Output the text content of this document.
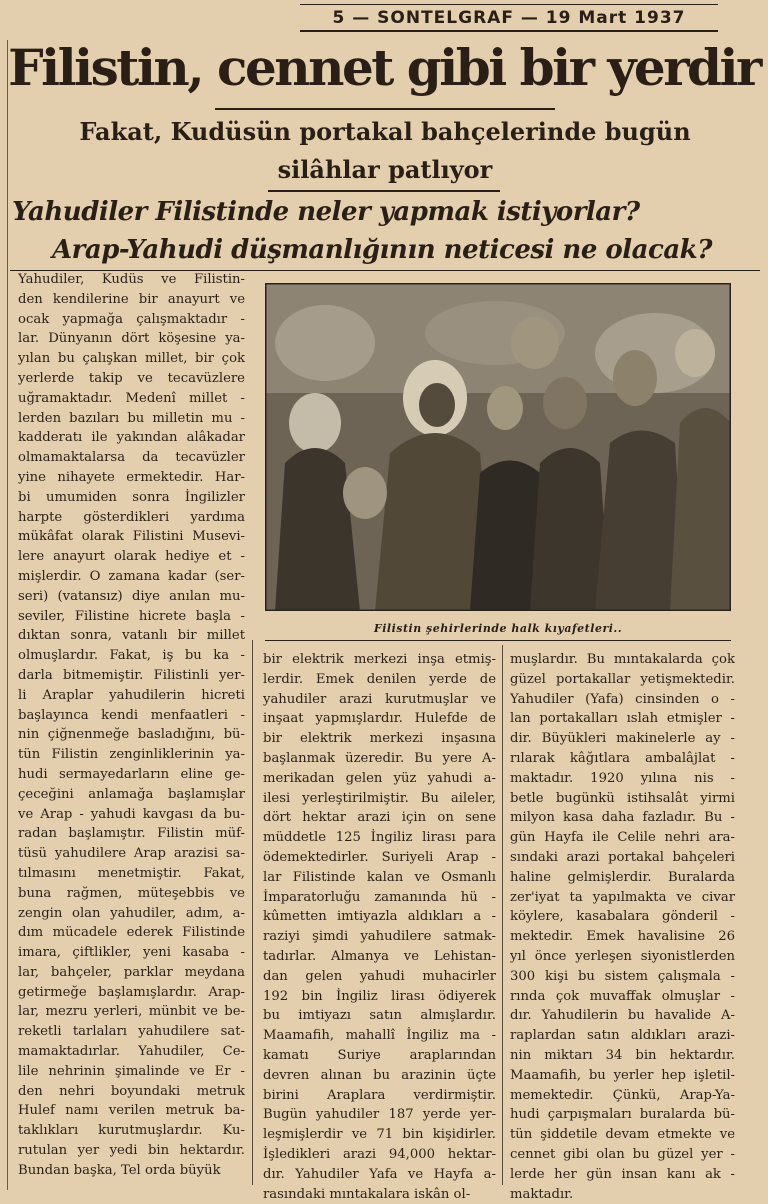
5 — SONTELGRAF — 19 Mart 1937
Filistin, cennet gibi bir yerdir
Fakat, Kudüsün portakal bahçelerinde bugün
silâhlar patlıyor
Yahudiler Filistinde neler yapmak istiyorlar?
Arap-Yahudi düşmanlığının neticesi ne olacak?
Yahudiler, Kudüs ve Filistin-
den kendilerine bir anayurt ve
ocak yapmağa çalışmaktadır -
lar. Dünyanın dört köşesine ya-
yılan bu çalışkan millet, bir çok
yerlerde takip ve tecavüzlere
uğramaktadır. Medenî millet -
lerden bazıları bu milletin mu -
kadderatı ile yakından alâkadar
olmamaktalarsa da tecavüzler
yine nihayete ermektedir. Har-
bi umumiden sonra İngilizler
harpte gösterdikleri yardıma
mükâfat olarak Filistini Musevi-
lere anayurt olarak hediye et -
mişlerdir. O zamana kadar (ser-
seri) (vatansız) diye anılan mu-
seviler, Filistine hicrete başla -
dıktan sonra, vatanlı bir millet
olmuşlardır. Fakat, iş bu ka -
darla bitmemiştir. Filistinli yer-
li Araplar yahudilerin hicreti
başlayınca kendi menfaatleri -
nin çiğnenmeğe basladığını, bü-
tün Filistin zenginliklerinin ya-
hudi sermayedarların eline ge-
çeceğini anlamağa başlamışlar
ve Arap - yahudi kavgası da bu-
radan başlamıştır. Filistin müf-
tüsü yahudilere Arap arazisi sa-
tılmasını menetmiştir. Fakat,
buna rağmen, müteşebbis ve
zengin olan yahudiler, adım, a-
dım mücadele ederek Filistinde
imara, çiftlikler, yeni kasaba -
lar, bahçeler, parklar meydana
getirmeğe başlamışlardır. Arap-
lar, mezru yerleri, münbit ve be-
reketli tarlaları yahudilere sat-
mamaktadırlar. Yahudiler, Ce-
lile nehrinin şimalinde ve Er -
den nehri boyundaki metruk
Hulef namı verilen metruk ba-
taklıkları kurutmuşlardır. Ku-
rutulan yer yedi bin hektardır.
Bundan başka, Tel orda büyük
Filistin şehirlerinde halk kıyafetleri..
bir elektrik merkezi inşa etmiş-
lerdir. Emek denilen yerde de
yahudiler arazi kurutmuşlar ve
inşaat yapmışlardır. Hulefde de
bir elektrik merkezi inşasına
başlanmak üzeredir. Bu yere A-
merikadan gelen yüz yahudi a-
ilesi yerleştirilmiştir. Bu aileler,
dört hektar arazi için on sene
müddetle 125 İngiliz lirası para
ödemektedirler. Suriyeli Arap -
lar Filistinde kalan ve Osmanlı
İmparatorluğu zamanında hü -
kûmetten imtiyazla aldıkları a -
raziyi şimdi yahudilere satmak-
tadırlar. Almanya ve Lehistan-
dan gelen yahudi muhacirler
192 bin İngiliz lirası ödiyerek
bu imtiyazı satın almışlardır.
Maamafih, mahallî İngiliz ma -
kamatı Suriye araplarından
devren alınan bu arazinin üçte
birini Araplara verdirmiştir.
Bugün yahudiler 187 yerde yer-
leşmişlerdir ve 71 bin kişidirler.
İşledikleri arazi 94,000 hektar-
dır. Yahudiler Yafa ve Hayfa a-
rasındaki mıntakalara iskân ol-
muşlardır. Bu mıntakalarda çok
güzel portakallar yetişmektedir.
Yahudiler (Yafa) cinsinden o -
lan portakalları ıslah etmişler -
dir. Büyükleri makinelerle ay -
rılarak kâğıtlara ambalâjlat -
maktadır. 1920 yılına nis -
betle bugünkü istihsalât yirmi
milyon kasa daha fazladır. Bu -
gün Hayfa ile Celile nehri ara-
sındaki arazi portakal bahçeleri
haline gelmişlerdir. Buralarda
zer'iyat ta yapılmakta ve civar
köylere, kasabalara gönderil -
mektedir. Emek havalisine 26
yıl önce yerleşen siyonistlerden
300 kişi bu sistem çalışmala -
rında çok muvaffak olmuşlar -
dır. Yahudilerin bu havalide A-
raplardan satın aldıkları arazi-
nin miktarı 34 bin hektardır.
Maamafih, bu yerler hep işletil-
memektedir. Çünkü, Arap-Ya-
hudi çarpışmaları buralarda bü-
tün şiddetile devam etmekte ve
cennet gibi olan bu güzel yer -
lerde her gün insan kanı ak -
maktadır.
